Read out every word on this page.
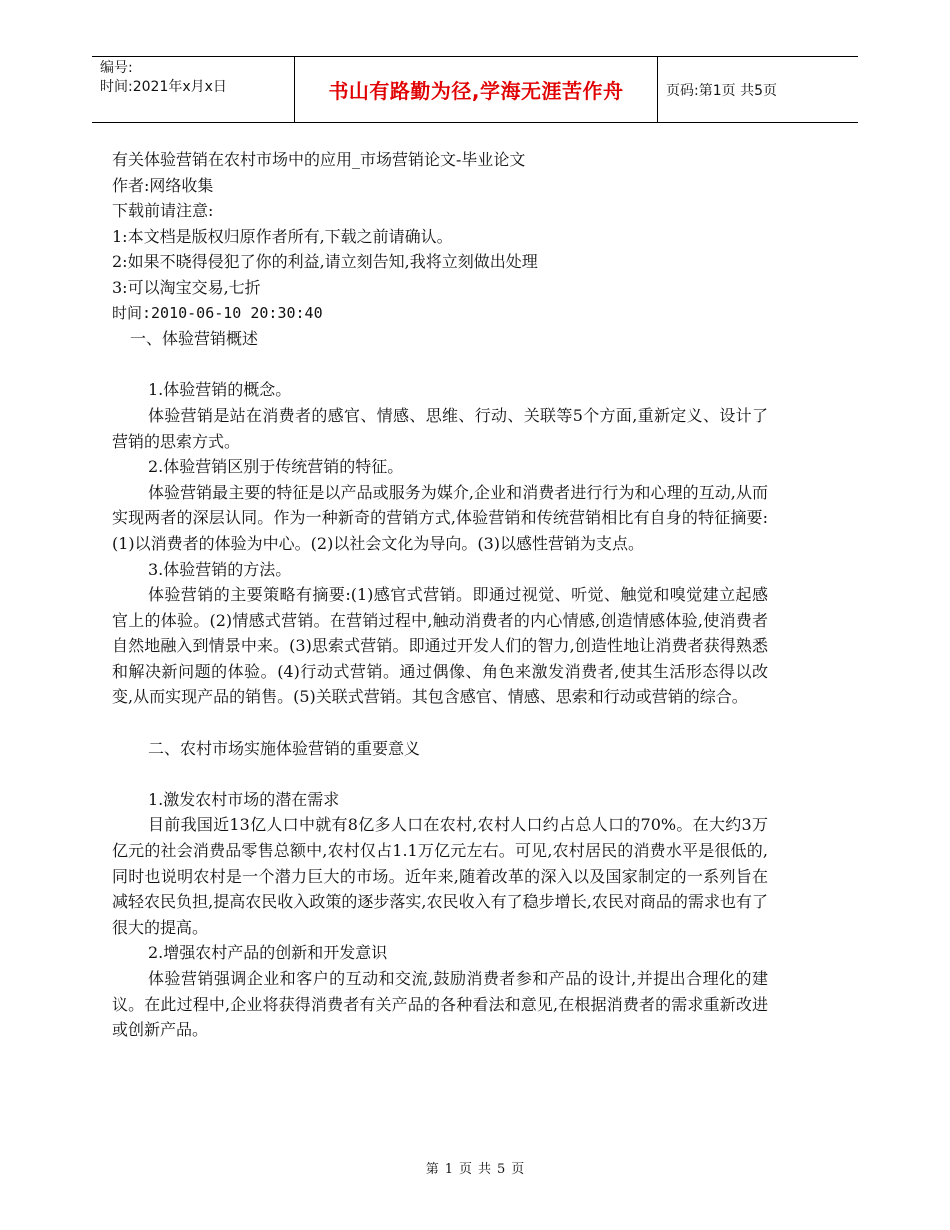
编号:
时间:2021年x月x日	书山有路勤为径,学海无涯苦作舟	页码:第1页 共5页

有关体验营销在农村市场中的应用_市场营销论文-毕业论文

作者:网络收集

下载前请注意:

1:本文档是版权归原作者所有,下载之前请确认。

2:如果不晓得侵犯了你的利益,请立刻告知,我将立刻做出处理

3:可以淘宝交易,七折

时间:2010-06-10 20:30:40

一、体验营销概述

1.体验营销的概念。

体验营销是站在消费者的感官、情感、思维、行动、关联等5个方面,重新定义、设计了营销的思索方式。

2.体验营销区别于传统营销的特征。

体验营销最主要的特征是以产品或服务为媒介,企业和消费者进行行为和心理的互动,从而实现两者的深层认同。作为一种新奇的营销方式,体验营销和传统营销相比有自身的特征摘要:(1)以消费者的体验为中心。(2)以社会文化为导向。(3)以感性营销为支点。

3.体验营销的方法。

体验营销的主要策略有摘要:(1)感官式营销。即通过视觉、听觉、触觉和嗅觉建立起感官上的体验。(2)情感式营销。在营销过程中,触动消费者的内心情感,创造情感体验,使消费者自然地融入到情景中来。(3)思索式营销。即通过开发人们的智力,创造性地让消费者获得熟悉和解决新问题的体验。(4)行动式营销。通过偶像、角色来激发消费者,使其生活形态得以改变,从而实现产品的销售。(5)关联式营销。其包含感官、情感、思索和行动或营销的综合。

二、农村市场实施体验营销的重要意义

1.激发农村市场的潜在需求

目前我国近13亿人口中就有8亿多人口在农村,农村人口约占总人口的70%。在大约3万亿元的社会消费品零售总额中,农村仅占1.1万亿元左右。可见,农村居民的消费水平是很低的,同时也说明农村是一个潜力巨大的市场。近年来,随着改革的深入以及国家制定的一系列旨在减轻农民负担,提高农民收入政策的逐步落实,农民收入有了稳步增长,农民对商品的需求也有了很大的提高。

2.增强农村产品的创新和开发意识

体验营销强调企业和客户的互动和交流,鼓励消费者参和产品的设计,并提出合理化的建议。在此过程中,企业将获得消费者有关产品的各种看法和意见,在根据消费者的需求重新改进或创新产品。

第 1 页 共 5 页
